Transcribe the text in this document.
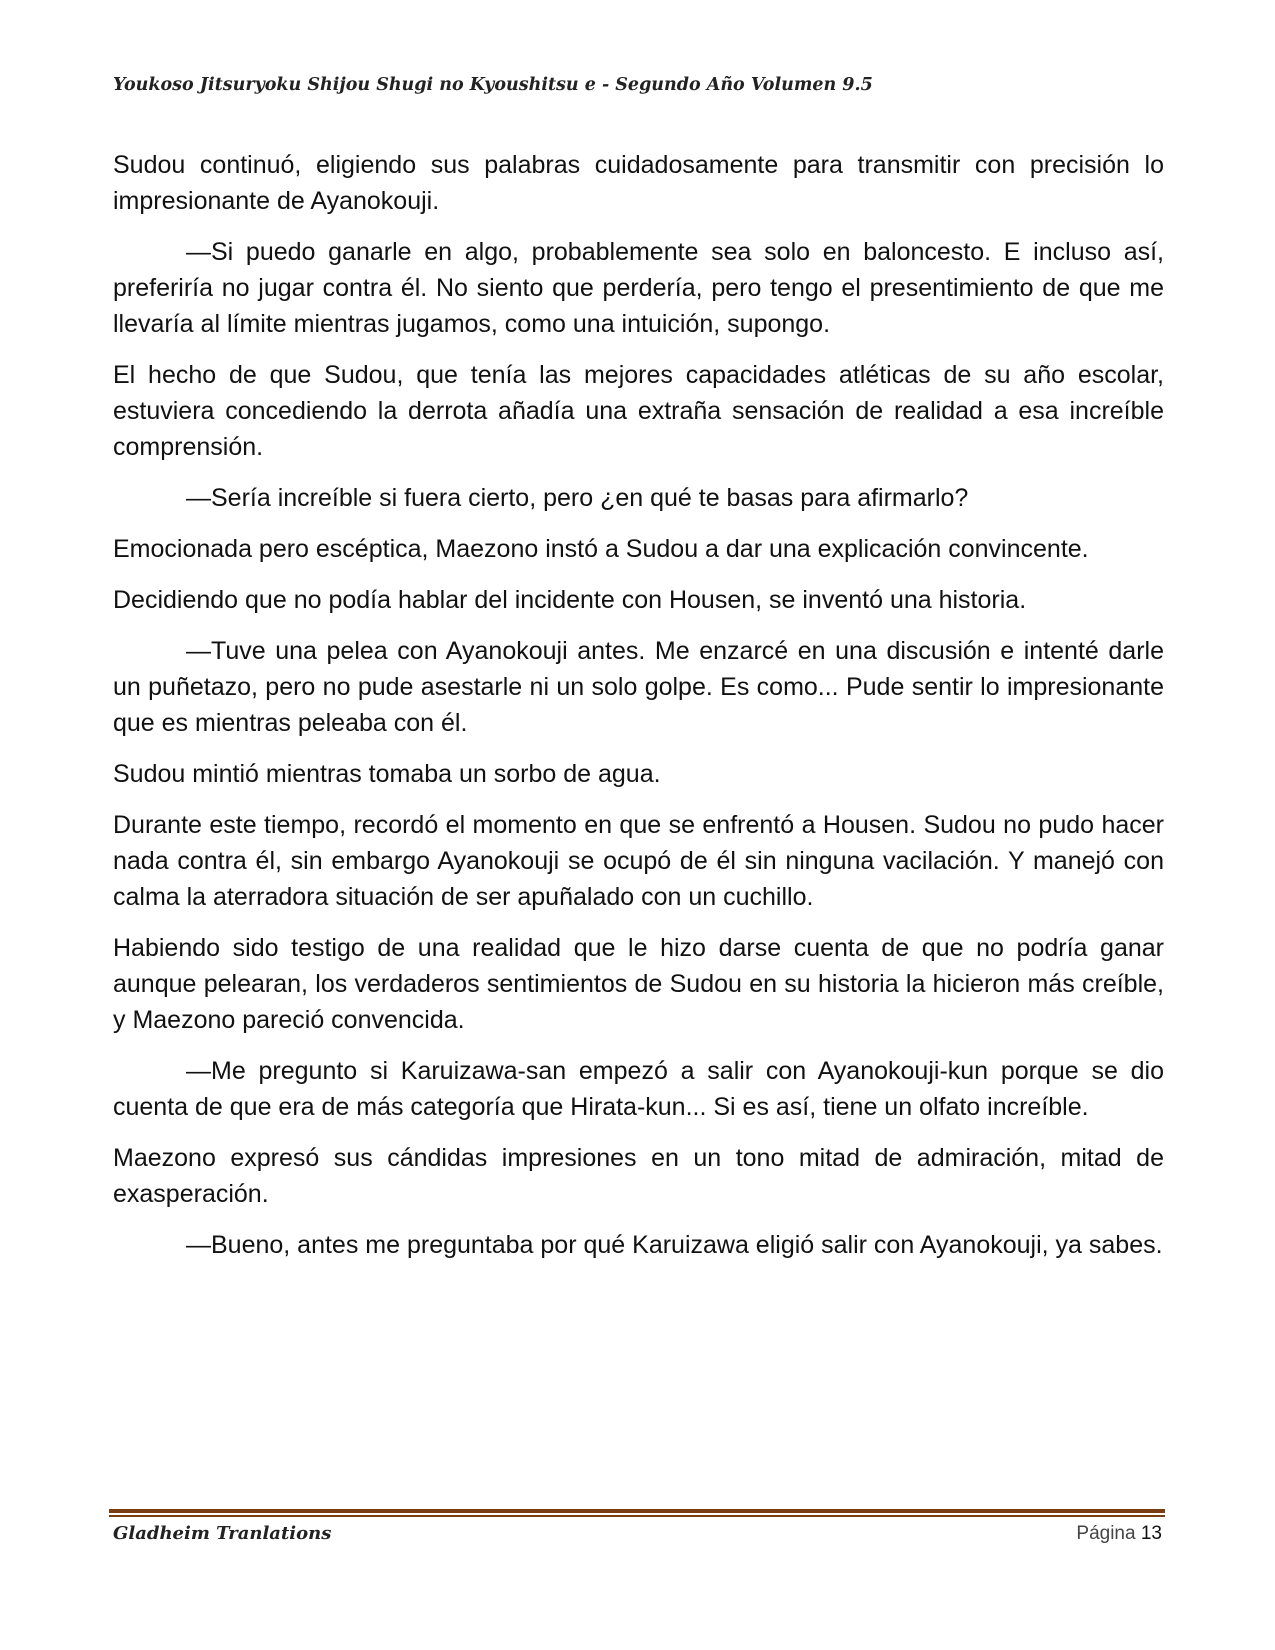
Youkoso Jitsuryoku Shijou Shugi no Kyoushitsu e - Segundo Año Volumen 9.5

Sudou continuó, eligiendo sus palabras cuidadosamente para transmitir con precisión lo impresionante de Ayanokouji.

—Si puedo ganarle en algo, probablemente sea solo en baloncesto. E incluso así, preferiría no jugar contra él. No siento que perdería, pero tengo el presentimiento de que me llevaría al límite mientras jugamos, como una intuición, supongo.

El hecho de que Sudou, que tenía las mejores capacidades atléticas de su año escolar, estuviera concediendo la derrota añadía una extraña sensación de realidad a esa increíble comprensión.

—Sería increíble si fuera cierto, pero ¿en qué te basas para afirmarlo?

Emocionada pero escéptica, Maezono instó a Sudou a dar una explicación convincente.

Decidiendo que no podía hablar del incidente con Housen, se inventó una historia.

—Tuve una pelea con Ayanokouji antes. Me enzarcé en una discusión e intenté darle un puñetazo, pero no pude asestarle ni un solo golpe. Es como... Pude sentir lo impresionante que es mientras peleaba con él.

Sudou mintió mientras tomaba un sorbo de agua.

Durante este tiempo, recordó el momento en que se enfrentó a Housen. Sudou no pudo hacer nada contra él, sin embargo Ayanokouji se ocupó de él sin ninguna vacilación. Y manejó con calma la aterradora situación de ser apuñalado con un cuchillo.

Habiendo sido testigo de una realidad que le hizo darse cuenta de que no podría ganar aunque pelearan, los verdaderos sentimientos de Sudou en su historia la hicieron más creíble, y Maezono pareció convencida.

—Me pregunto si Karuizawa-san empezó a salir con Ayanokouji-kun porque se dio cuenta de que era de más categoría que Hirata-kun... Si es así, tiene un olfato increíble.

Maezono expresó sus cándidas impresiones en un tono mitad de admiración, mitad de exasperación.

—Bueno, antes me preguntaba por qué Karuizawa eligió salir con Ayanokouji, ya sabes.

Gladheim Tranlations	Página 13
